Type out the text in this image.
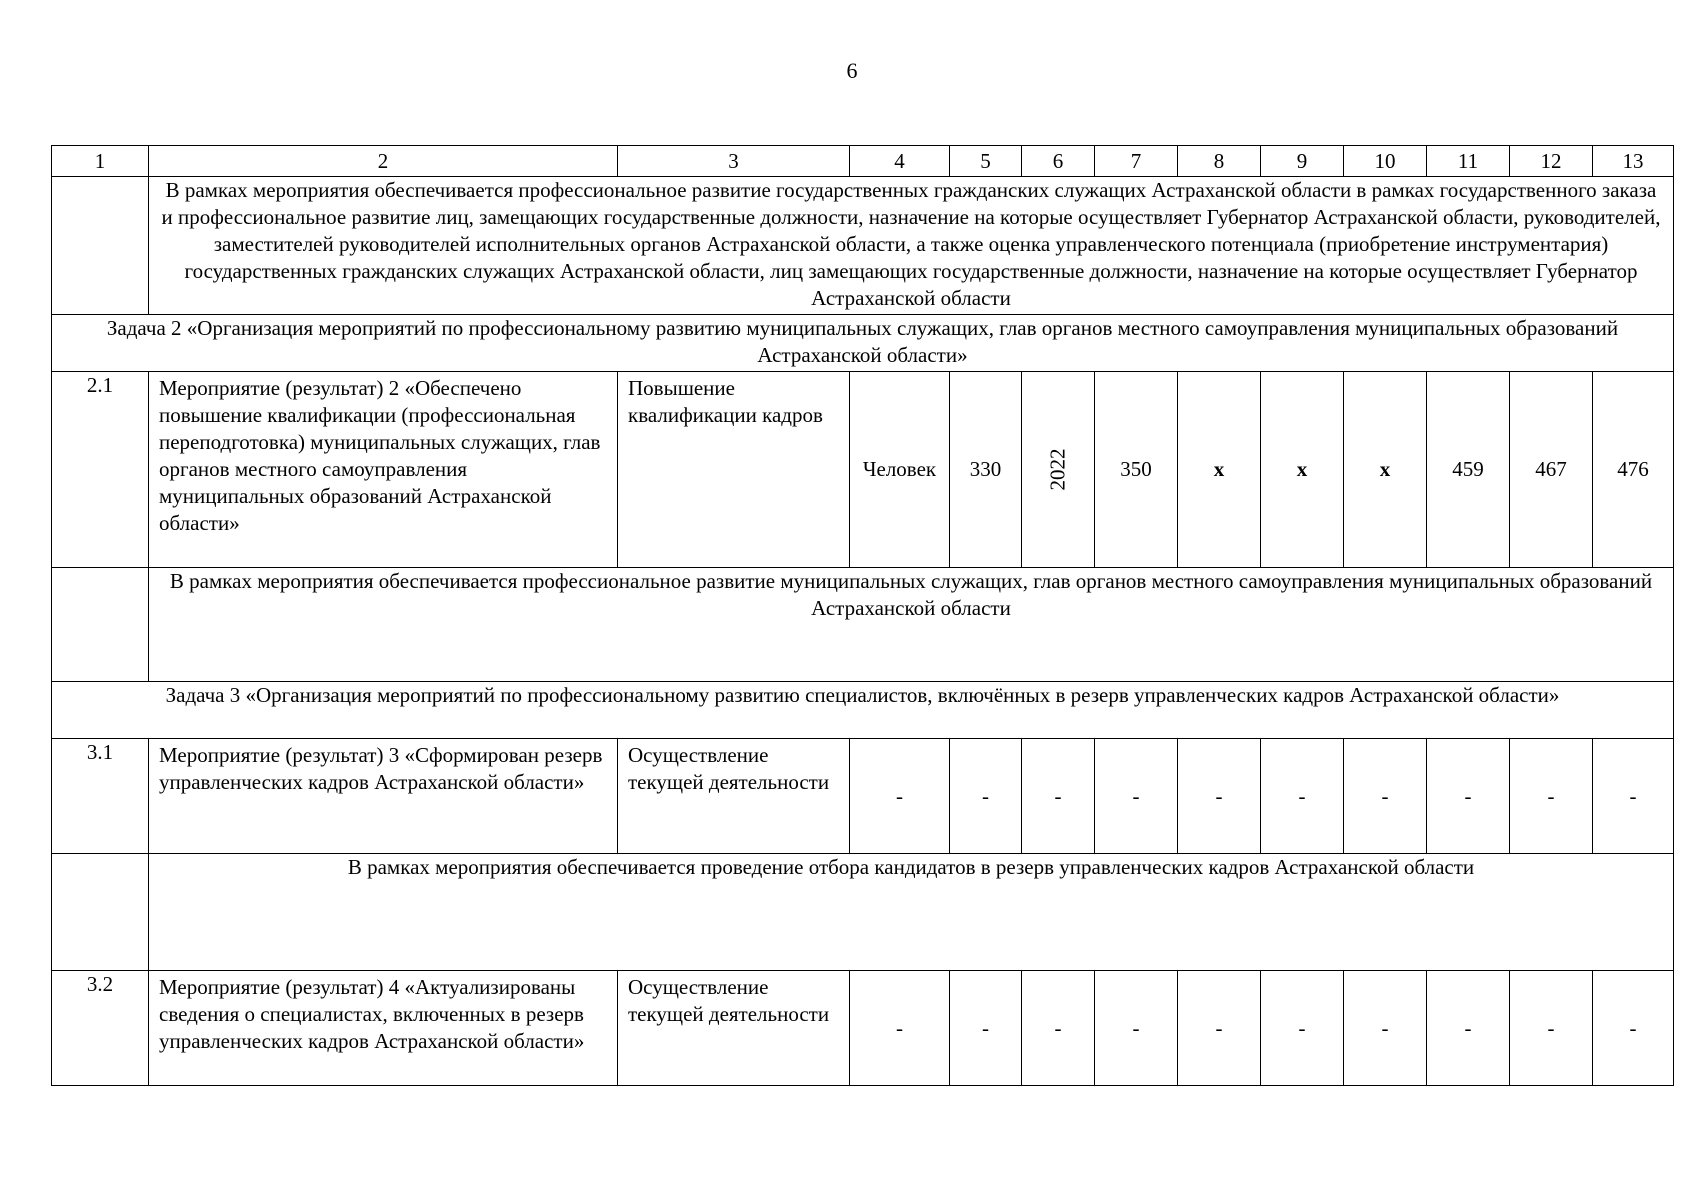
6
1	2	3	4	5	6	7	8	9	10	11	12	13
	В рамках мероприятия обеспечивается профессиональное развитие государственных гражданских служащих Астраханской области в рамках государственного заказа и профессиональное развитие лиц, замещающих государственные должности, назначение на которые осуществляет Губернатор Астраханской области, руководителей, заместителей руководителей исполнительных органов Астраханской области, а также оценка управленческого потенциала (приобретение инструментария) государственных гражданских служащих Астраханской области, лиц замещающих государственные должности, назначение на которые осуществляет Губернатор Астраханской области											
Задача 2 «Организация мероприятий по профессиональному развитию муниципальных служащих, глав органов местного самоуправления муниципальных образований Астраханской области»												
2.1	Мероприятие (результат) 2 «Обеспечено повышение квалификации (профессиональная переподготовка) муниципальных служащих, глав органов местного самоуправления муниципальных образований Астраханской области»	Повышение квалификации кадров	Человек	330	2022	350	х	х	х	459	467	476
	В рамках мероприятия обеспечивается профессиональное развитие муниципальных служащих, глав органов местного самоуправления муниципальных образований Астраханской области											
Задача 3 «Организация мероприятий по профессиональному развитию специалистов, включённых в резерв управленческих кадров Астраханской области»												
3.1	Мероприятие (результат) 3 «Сформирован резерв управленческих кадров Астраханской области»	Осуществление текущей деятельности	-	-	-	-	-	-	-	-	-	-
	В рамках мероприятия обеспечивается проведение отбора кандидатов в резерв управленческих кадров Астраханской области											
3.2	Мероприятие (результат) 4 «Актуализированы сведения о специалистах, включенных в резерв управленческих кадров Астраханской области»	Осуществление текущей деятельности	-	-	-	-	-	-	-	-	-	-
